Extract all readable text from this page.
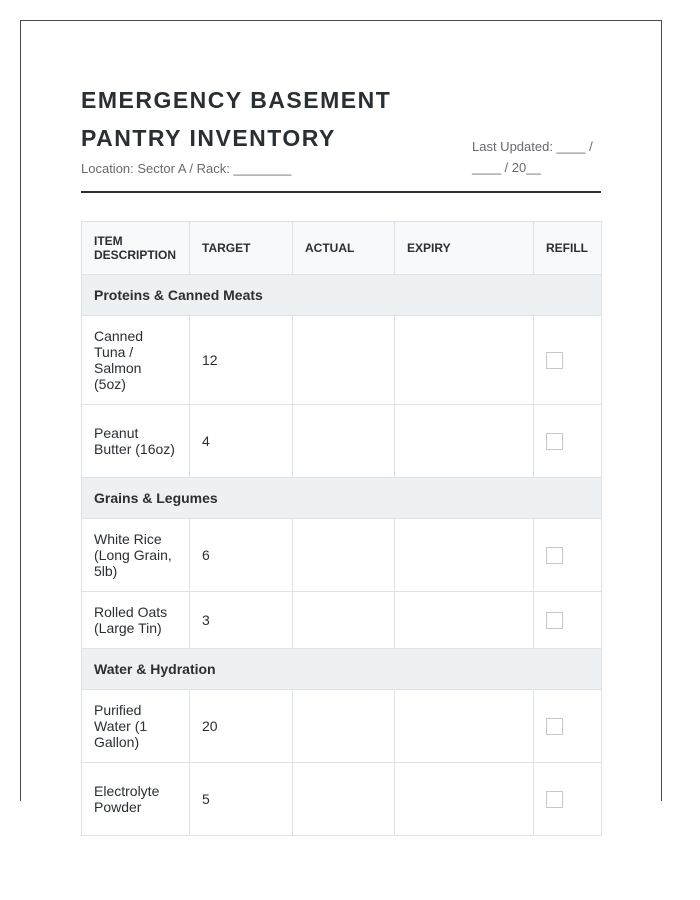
EMERGENCY BASEMENT
PANTRY INVENTORY
Location: Sector A / Rack: ________
Last Updated: ____ / ____ / 20__
ITEM DESCRIPTION	TARGET	ACTUAL	EXPIRY	REFILL
Proteins & Canned Meats				
Canned Tuna / Salmon (5oz)	12			
Peanut Butter (16oz)	4			
Grains & Legumes				
White Rice (Long Grain, 5lb)	6			
Rolled Oats (Large Tin)	3			
Water & Hydration				
Purified Water (1 Gallon)	20			
Electrolyte Powder	5			
